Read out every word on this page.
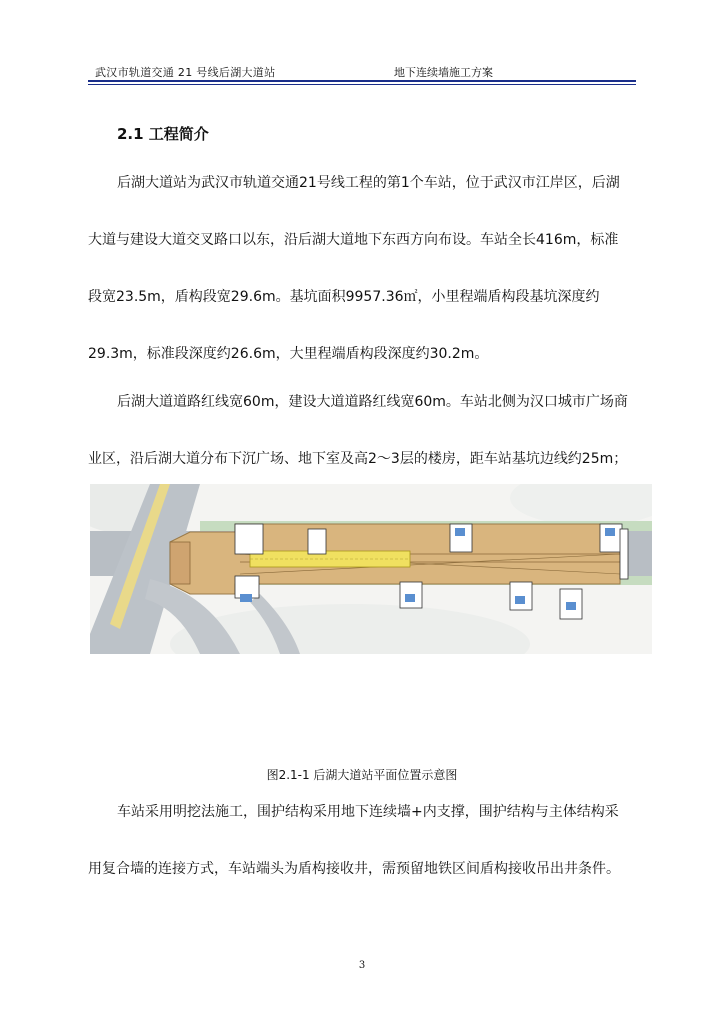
武汉市轨道交通 21 号线后湖大道站	地下连续墙施工方案
2.1 工程简介
后湖大道站为武汉市轨道交通21号线工程的第1个车站，位于武汉市江岸区，后湖
大道与建设大道交叉路口以东，沿后湖大道地下东西方向布设。车站全长416m，标准
段宽23.5m，盾构段宽29.6m。基坑面积9957.36㎡，小里程端盾构段基坑深度约
29.3m，标准段深度约26.6m，大里程端盾构段深度约30.2m。
后湖大道道路红线宽60m，建设大道道路红线宽60m。车站北侧为汉口城市广场商
业区，沿后湖大道分布下沉广场、地下室及高2～3层的楼房，距车站基坑边线约25m；
图2.1-1 后湖大道站平面位置示意图
车站采用明挖法施工，围护结构采用地下连续墙+内支撑，围护结构与主体结构采
用复合墙的连接方式，车站端头为盾构接收井，需预留地铁区间盾构接收吊出井条件。
3
